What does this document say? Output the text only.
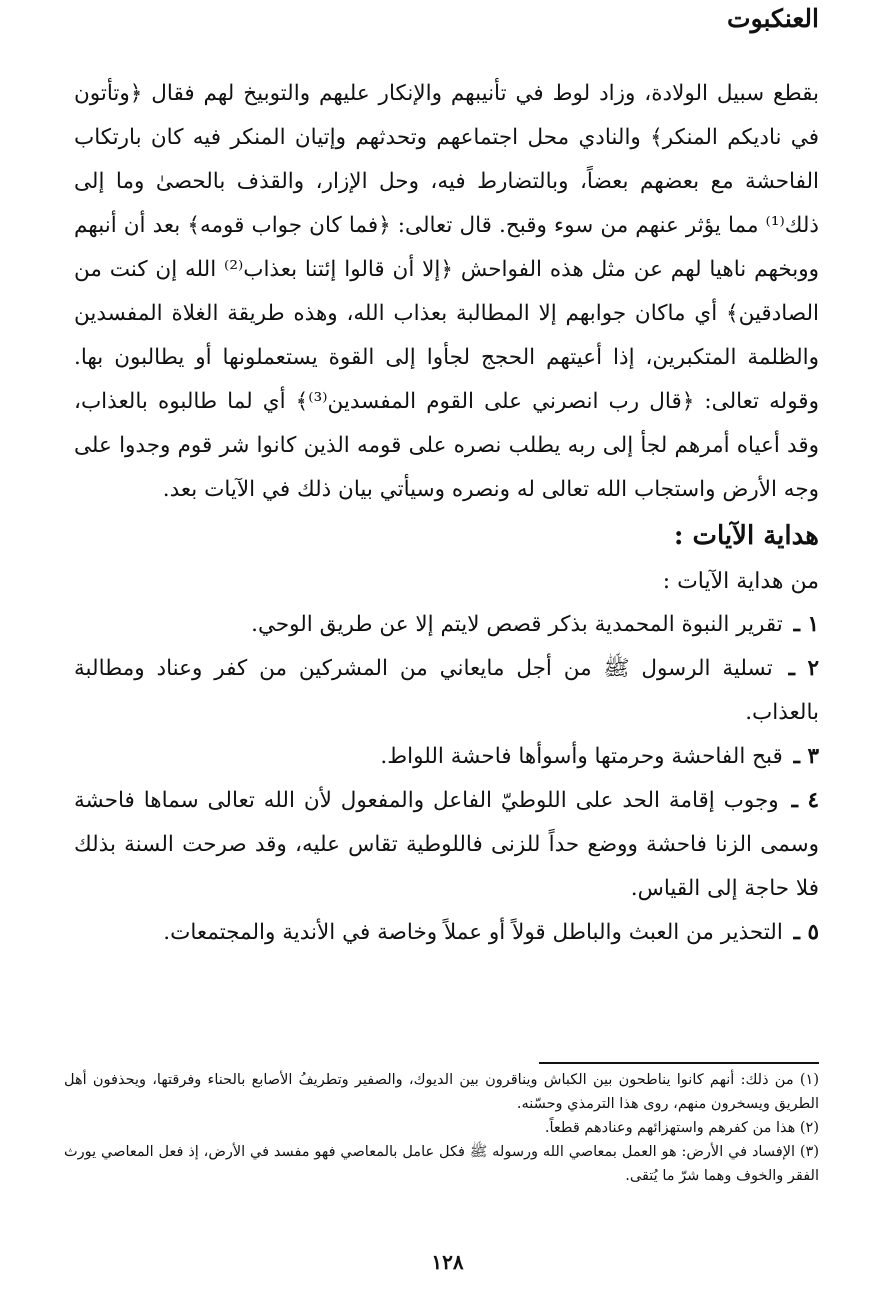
العنكبوت

بقطع سبيل الولادة، وزاد لوط في تأنيبهم والإنكار عليهم والتوبيخ لهم فقال ﴿وتأتون في ناديكم المنكر﴾ والنادي محل اجتماعهم وتحدثهم وإتيان المنكر فيه كان بارتكاب الفاحشة مع بعضهم بعضاً، وبالتضارط فيه، وحل الإزار، والقذف بالحصىٰ وما إلى ذلك⁽¹⁾ مما يؤثر عنهم من سوء وقبح. قال تعالى: ﴿فما كان جواب قومه﴾ بعد أن أنبهم ووبخهم ناهيا لهم عن مثل هذه الفواحش ﴿إلا أن قالوا إئتنا بعذاب⁽²⁾ الله إن كنت من الصادقين﴾ أي ماكان جوابهم إلا المطالبة بعذاب الله، وهذه طريقة الغلاة المفسدين والظلمة المتكبرين، إذا أعيتهم الحجج لجأوا إلى القوة يستعملونها أو يطالبون بها. وقوله تعالى: ﴿قال رب انصرني على القوم المفسدين⁽³⁾﴾ أي لما طالبوه بالعذاب، وقد أعياه أمرهم لجأ إلى ربه يطلب نصره على قومه الذين كانوا شر قوم وجدوا على وجه الأرض واستجاب الله تعالى له ونصره وسيأتي بيان ذلك في الآيات بعد.

هداية الآيات :
من هداية الآيات :
١ ـ تقرير النبوة المحمدية بذكر قصص لايتم إلا عن طريق الوحي.
٢ ـ تسلية الرسول ﷺ من أجل مايعاني من المشركين من كفر وعناد ومطالبة بالعذاب.
٣ ـ قبح الفاحشة وحرمتها وأسوأها فاحشة اللواط.
٤ ـ وجوب إقامة الحد على اللوطيّ الفاعل والمفعول لأن الله تعالى سماها فاحشة وسمى الزنا فاحشة ووضع حداً للزنى فاللوطية تقاس عليه، وقد صرحت السنة بذلك فلا حاجة إلى القياس.
٥ ـ التحذير من العبث والباطل قولاً أو عملاً وخاصة في الأندية والمجتمعات.

(١) من ذلك: أنهم كانوا يناطحون بين الكباش ويناقرون بين الديوك، والصفير وتطريفُ الأصابع بالحناء وفرقتها، ويحذفون أهل الطريق ويسخرون منهم، روى هذا الترمذي وحسّنه.

(٢) هذا من كفرهم واستهزائهم وعنادهم قطعاً.

(٣) الإفساد في الأرض: هو العمل بمعاصي الله ورسوله ﷺ فكل عامل بالمعاصي فهو مفسد في الأرض، إذ فعل المعاصي يورث الفقر والخوف وهما شرّ ما يُتقى.

١٢٨
